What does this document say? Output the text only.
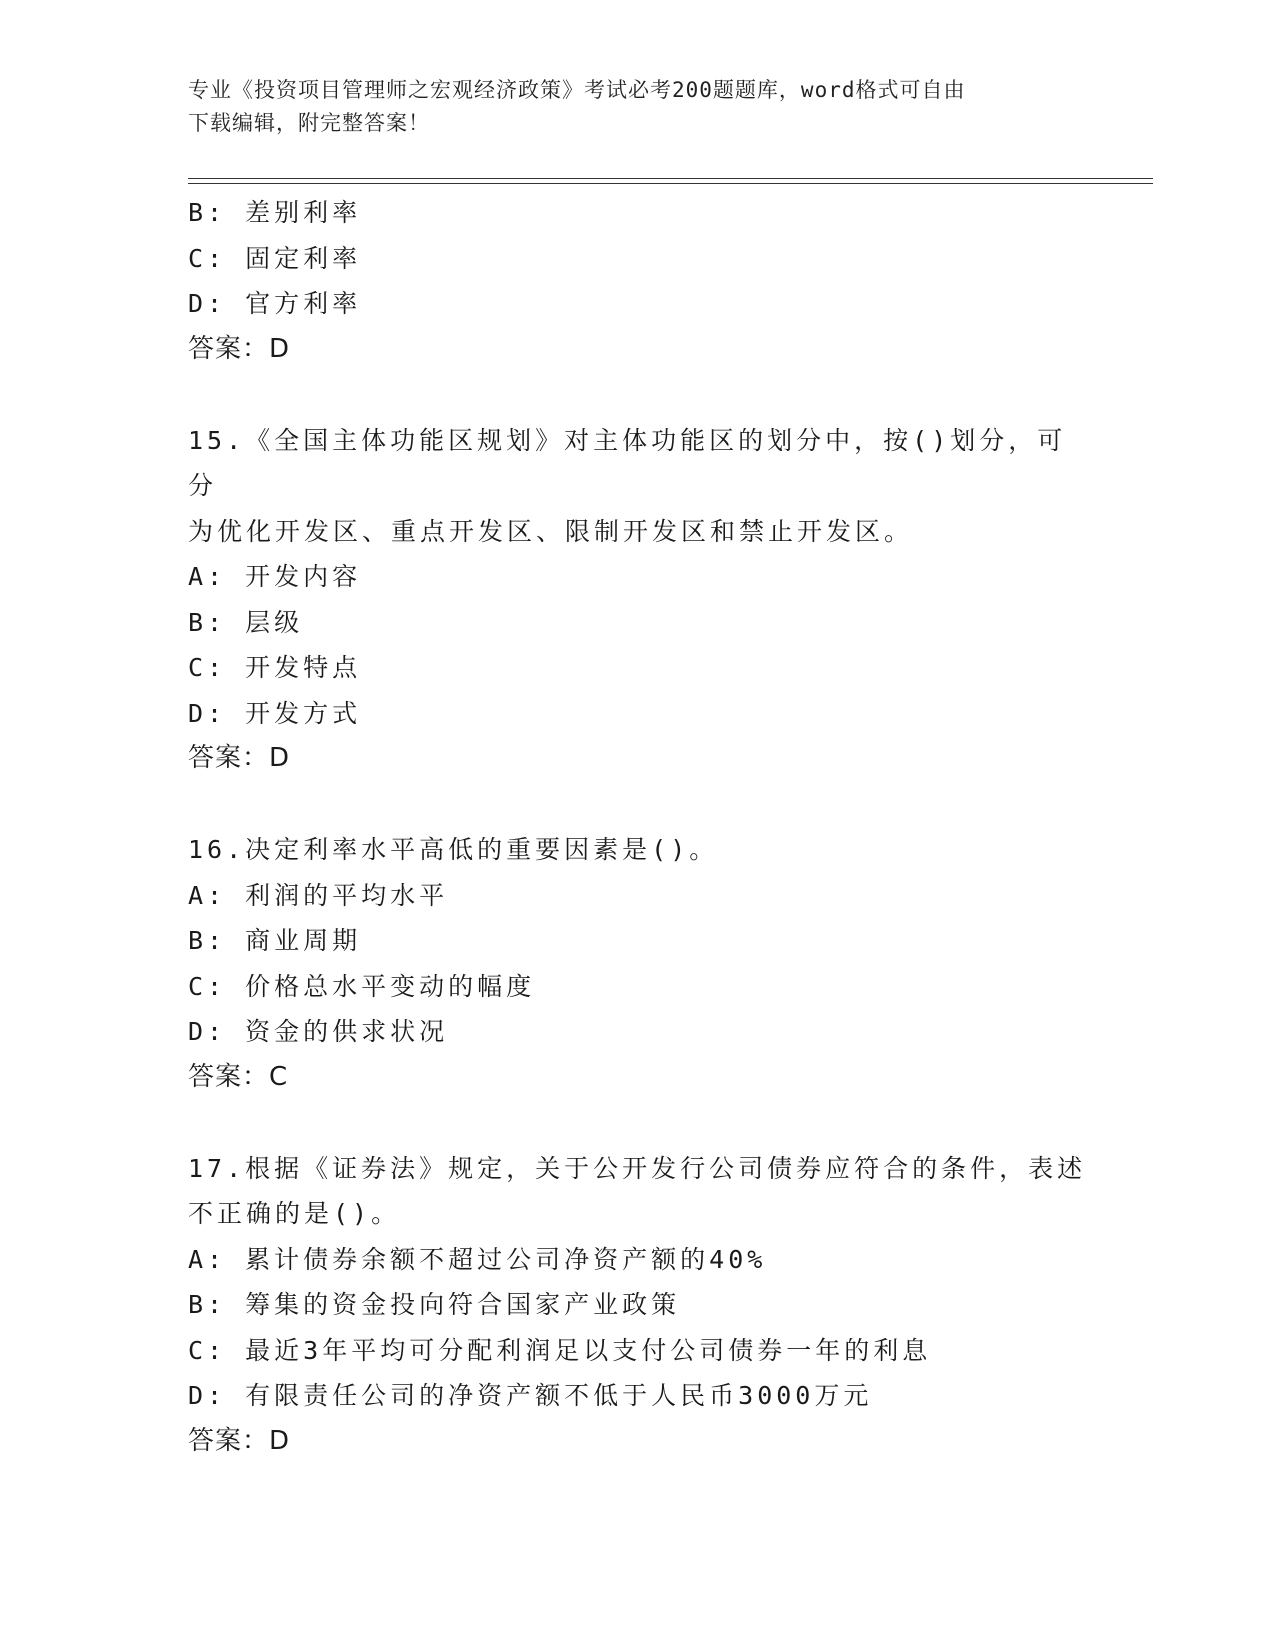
专业《投资项目管理师之宏观经济政策》考试必考200题题库，word格式可自由
下载编辑，附完整答案！
B: 差别利率
C: 固定利率
D: 官方利率
答案：D
15.《全国主体功能区规划》对主体功能区的划分中，按()划分，可分
为优化开发区、重点开发区、限制开发区和禁止开发区。
A: 开发内容
B: 层级
C: 开发特点
D: 开发方式
答案：D
16.决定利率水平高低的重要因素是()。
A: 利润的平均水平
B: 商业周期
C: 价格总水平变动的幅度
D: 资金的供求状况
答案：C
17.根据《证券法》规定，关于公开发行公司债券应符合的条件，表述
不正确的是()。
A: 累计债券余额不超过公司净资产额的40%
B: 筹集的资金投向符合国家产业政策
C: 最近3年平均可分配利润足以支付公司债券一年的利息
D: 有限责任公司的净资产额不低于人民币3000万元
答案：D
